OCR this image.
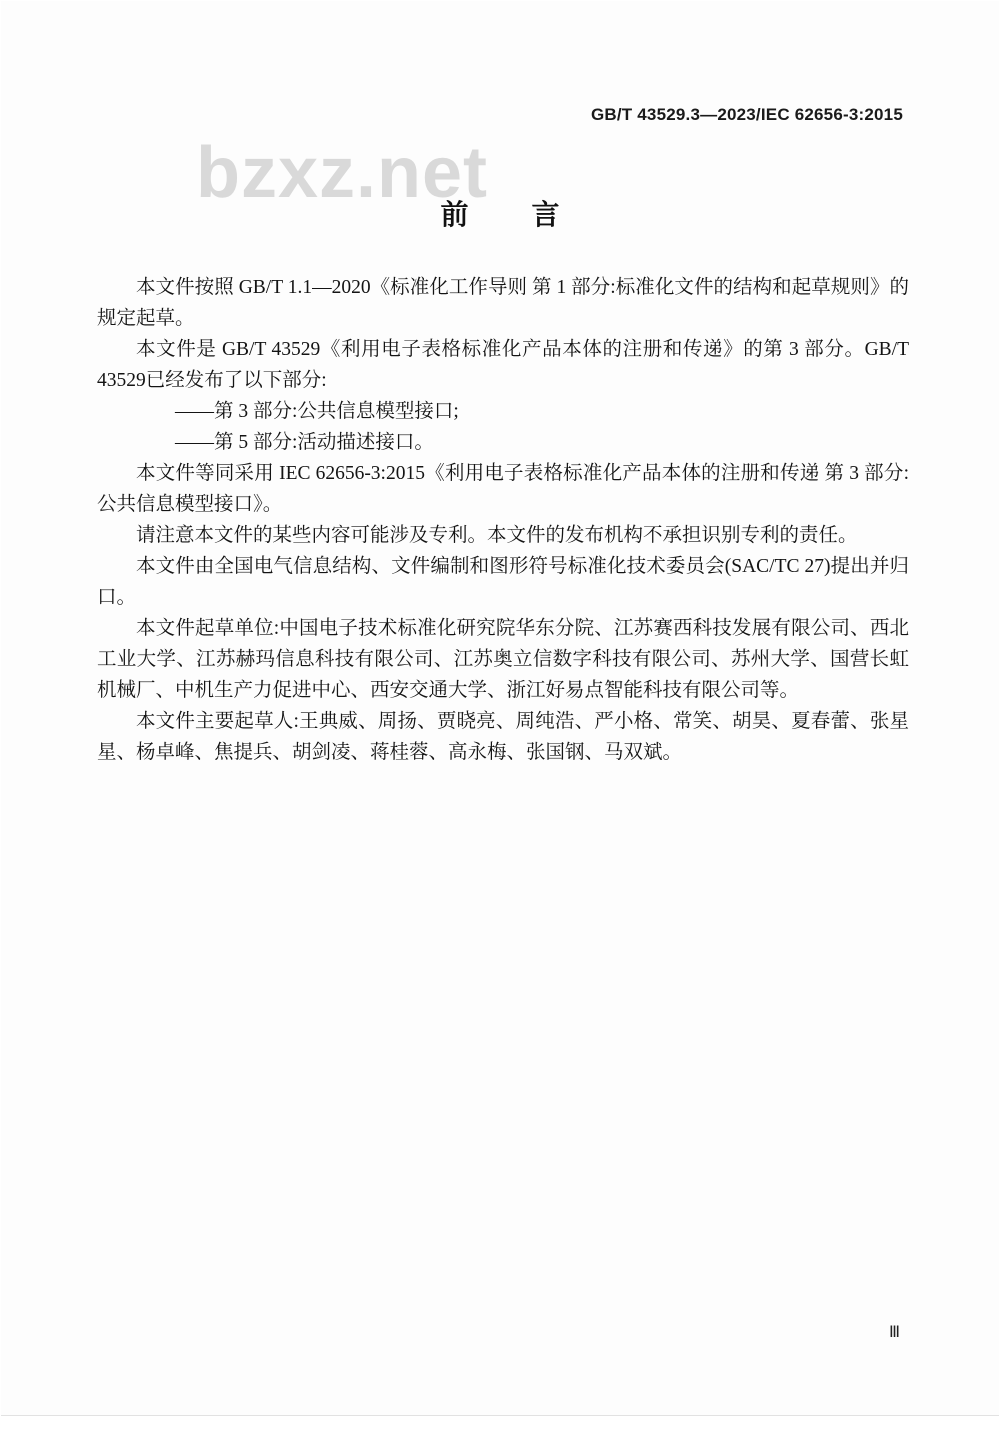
GB/T 43529.3—2023/IEC 62656-3:2015
bzxz.net
前 言

本文件按照 GB/T 1.1—2020《标准化工作导则 第 1 部分:标准化文件的结构和起草规则》的规定起草。

本文件是 GB/T 43529《利用电子表格标准化产品本体的注册和传递》的第 3 部分。GB/T 43529已经发布了以下部分:

——第 3 部分:公共信息模型接口;

——第 5 部分:活动描述接口。

本文件等同采用 IEC 62656-3:2015《利用电子表格标准化产品本体的注册和传递 第 3 部分:公共信息模型接口》。

请注意本文件的某些内容可能涉及专利。本文件的发布机构不承担识别专利的责任。

本文件由全国电气信息结构、文件编制和图形符号标准化技术委员会(SAC/TC 27)提出并归口。

本文件起草单位:中国电子技术标准化研究院华东分院、江苏赛西科技发展有限公司、西北工业大学、江苏赫玛信息科技有限公司、江苏奥立信数字科技有限公司、苏州大学、国营长虹机械厂、中机生产力促进中心、西安交通大学、浙江好易点智能科技有限公司等。

本文件主要起草人:王典威、周扬、贾晓亮、周纯浩、严小格、常笑、胡昊、夏春蕾、张星星、杨卓峰、焦提兵、胡剑凌、蒋桂蓉、高永梅、张国钢、马双斌。

Ⅲ
